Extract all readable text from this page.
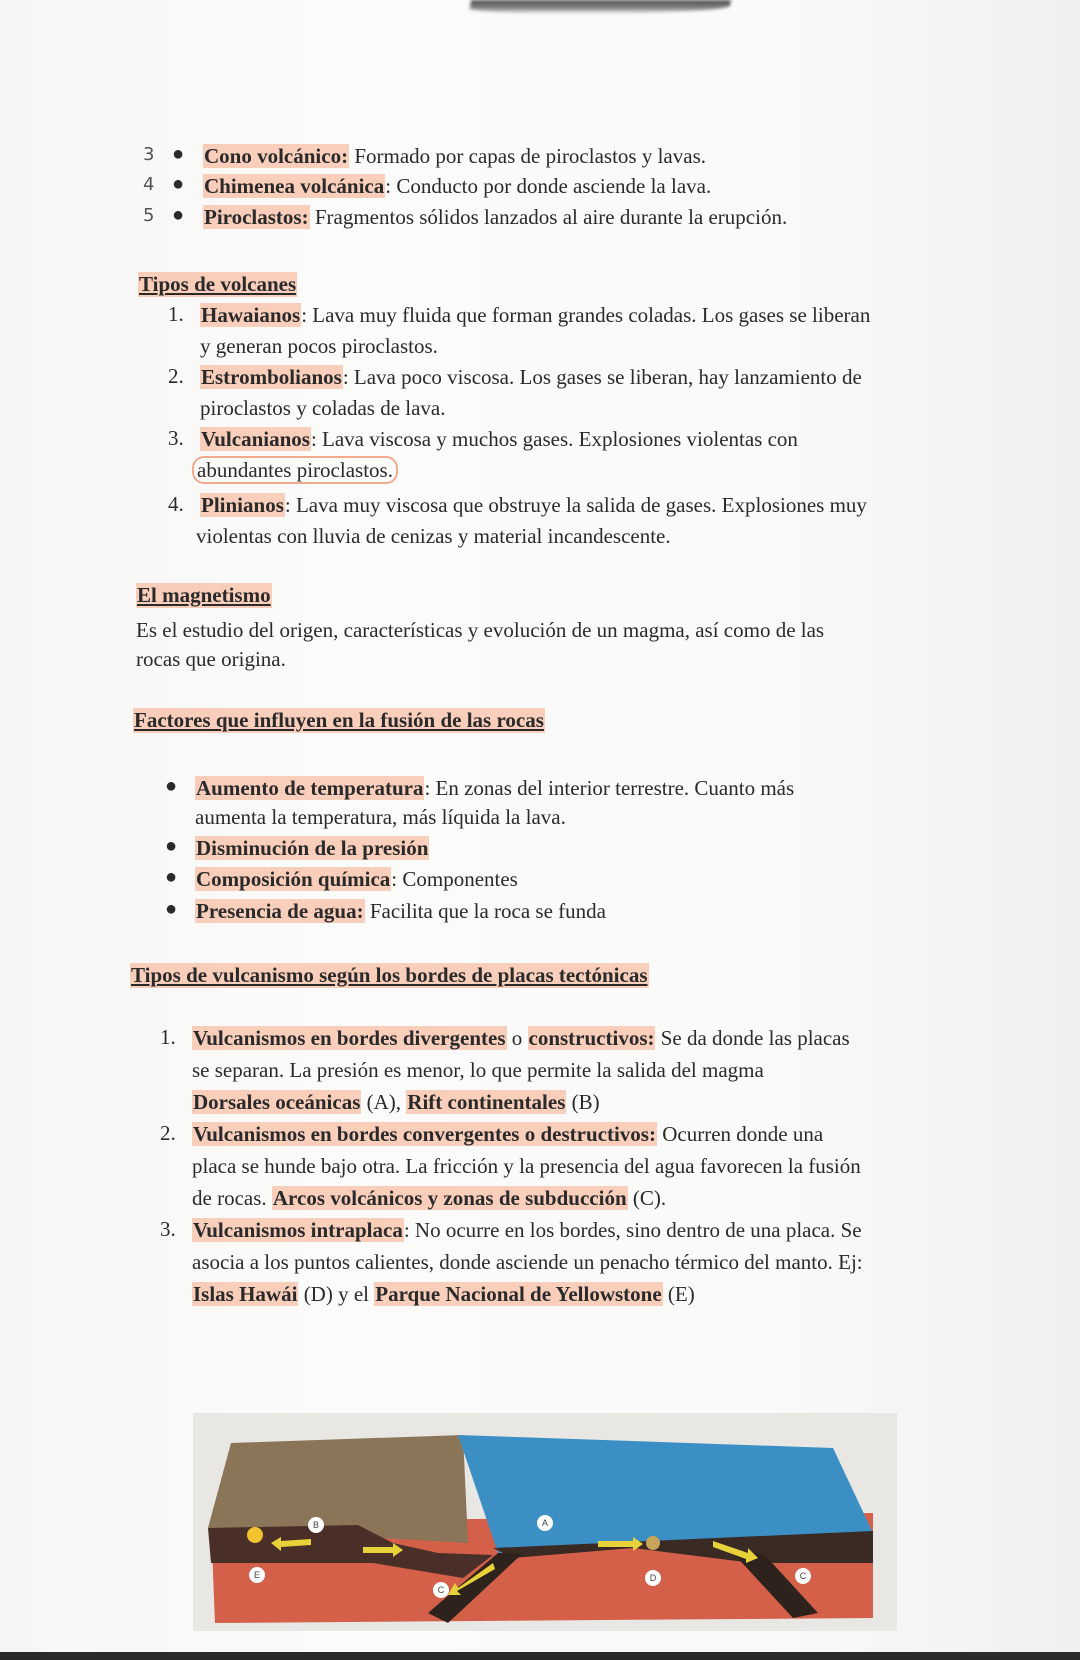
3 ● Cono volcánico: Formado por capas de piroclastos y lavas.
4 ● Chimenea volcánica: Conducto por donde asciende la lava.
5 ● Piroclastos: Fragmentos sólidos lanzados al aire durante la erupción.
Tipos de volcanes
1. Hawaianos: Lava muy fluida que forman grandes coladas. Los gases se liberan
y generan pocos piroclastos.
2. Estrombolianos: Lava poco viscosa. Los gases se liberan, hay lanzamiento de
piroclastos y coladas de lava.
3. Vulcanianos: Lava viscosa y muchos gases. Explosiones violentas con
abundantes piroclastos.
4. Plinianos: Lava muy viscosa que obstruye la salida de gases. Explosiones muy
violentas con lluvia de cenizas y material incandescente.
El magnetismo
Es el estudio del origen, características y evolución de un magma, así como de las
rocas que origina.
Factores que influyen en la fusión de las rocas
● Aumento de temperatura: En zonas del interior terrestre. Cuanto más
aumenta la temperatura, más líquida la lava.
● Disminución de la presión
● Composición química: Componentes
● Presencia de agua: Facilita que la roca se funda
Tipos de vulcanismo según los bordes de placas tectónicas
1. Vulcanismos en bordes divergentes o constructivos: Se da donde las placas
se separan. La presión es menor, lo que permite la salida del magma
Dorsales oceánicas (A), Rift continentales (B)
2. Vulcanismos en bordes convergentes o destructivos: Ocurren donde una
placa se hunde bajo otra. La fricción y la presencia del agua favorecen la fusión
de rocas. Arcos volcánicos y zonas de subducción (C).
3. Vulcanismos intraplaca: No ocurre en los bordes, sino dentro de una placa. Se
asocia a los puntos calientes, donde asciende un penacho térmico del manto. Ej:
Islas Hawái (D) y el Parque Nacional de Yellowstone (E)
A
B
C
C
D
E
